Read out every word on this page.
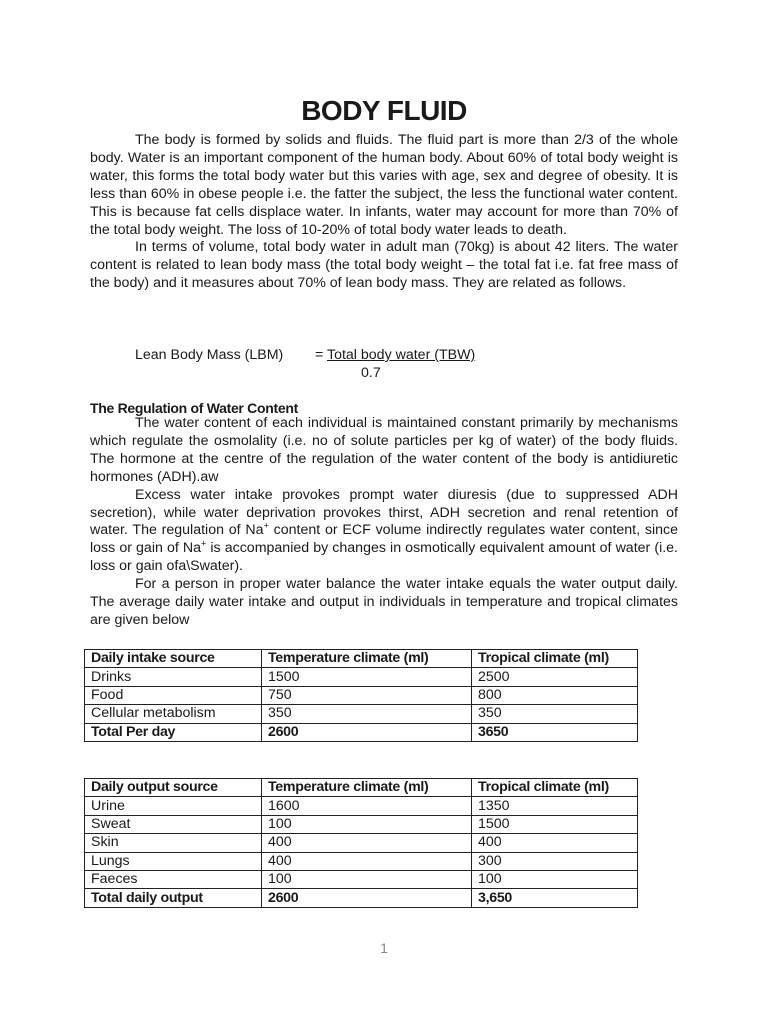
BODY FLUID

The body is formed by solids and fluids. The fluid part is more than 2/3 of the whole body. Water is an important component of the human body. About 60% of total body weight is water, this forms the total body water but this varies with age, sex and degree of obesity. It is less than 60% in obese people i.e. the fatter the subject, the less the functional water content. This is because fat cells displace water. In infants, water may account for more than 70% of the total body weight. The loss of 10-20% of total body water leads to death.

In terms of volume, total body water in adult man (70kg) is about 42 liters. The water content is related to lean body mass (the total body weight – the total fat i.e. fat free mass of the body) and it measures about 70% of lean body mass. They are related as follows.

Lean Body Mass (LBM) = Total body water (TBW)
0.7
The Regulation of Water Content

The water content of each individual is maintained constant primarily by mechanisms which regulate the osmolality (i.e. no of solute particles per kg of water) of the body fluids. The hormone at the centre of the regulation of the water content of the body is antidiuretic hormones (ADH).aw

Excess water intake provokes prompt water diuresis (due to suppressed ADH secretion), while water deprivation provokes thirst, ADH secretion and renal retention of water. The regulation of Na+ content or ECF volume indirectly regulates water content, since loss or gain of Na+ is accompanied by changes in osmotically equivalent amount of water (i.e. loss or gain ofa\Swater).

For a person in proper water balance the water intake equals the water output daily. The average daily water intake and output in individuals in temperature and tropical climates are given below

Daily intake source	Temperature climate (ml)	Tropical climate (ml)
Drinks	1500	2500
Food	750	800
Cellular metabolism	350	350
Total Per day	2600	3650
Daily output source	Temperature climate (ml)	Tropical climate (ml)
Urine	1600	1350
Sweat	100	1500
Skin	400	400
Lungs	400	300
Faeces	100	100
Total daily output	2600	3,650
1
